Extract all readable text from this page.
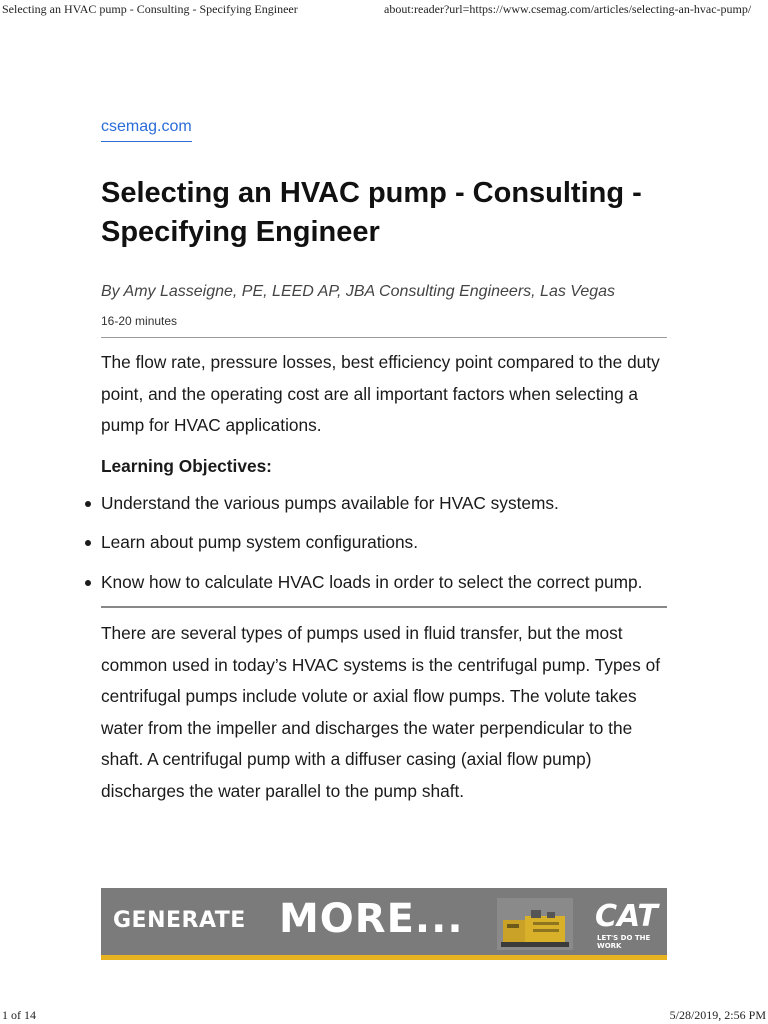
Selecting an HVAC pump - Consulting - Specifying Engineer	about:reader?url=https://www.csemag.com/articles/selecting-an-hvac-pump/
csemag.com
Selecting an HVAC pump - Consulting - Specifying Engineer
By Amy Lasseigne, PE, LEED AP, JBA Consulting Engineers, Las Vegas
16-20 minutes

The flow rate, pressure losses, best efficiency point compared to the duty point, and the operating cost are all important factors when selecting a pump for HVAC applications.

Learning Objectives:
Understand the various pumps available for HVAC systems.
Learn about pump system configurations.
Know how to calculate HVAC loads in order to select the correct pump.

There are several types of pumps used in fluid transfer, but the most common used in today’s HVAC systems is the centrifugal pump. Types of centrifugal pumps include volute or axial flow pumps. The volute takes water from the impeller and discharges the water perpendicular to the shaft. A centrifugal pump with a diffuser casing (axial flow pump) discharges the water parallel to the pump shaft.

GENERATE MORE...	CAT
LET'S DO THE WORK
1 of 14	5/28/2019, 2:56 PM
